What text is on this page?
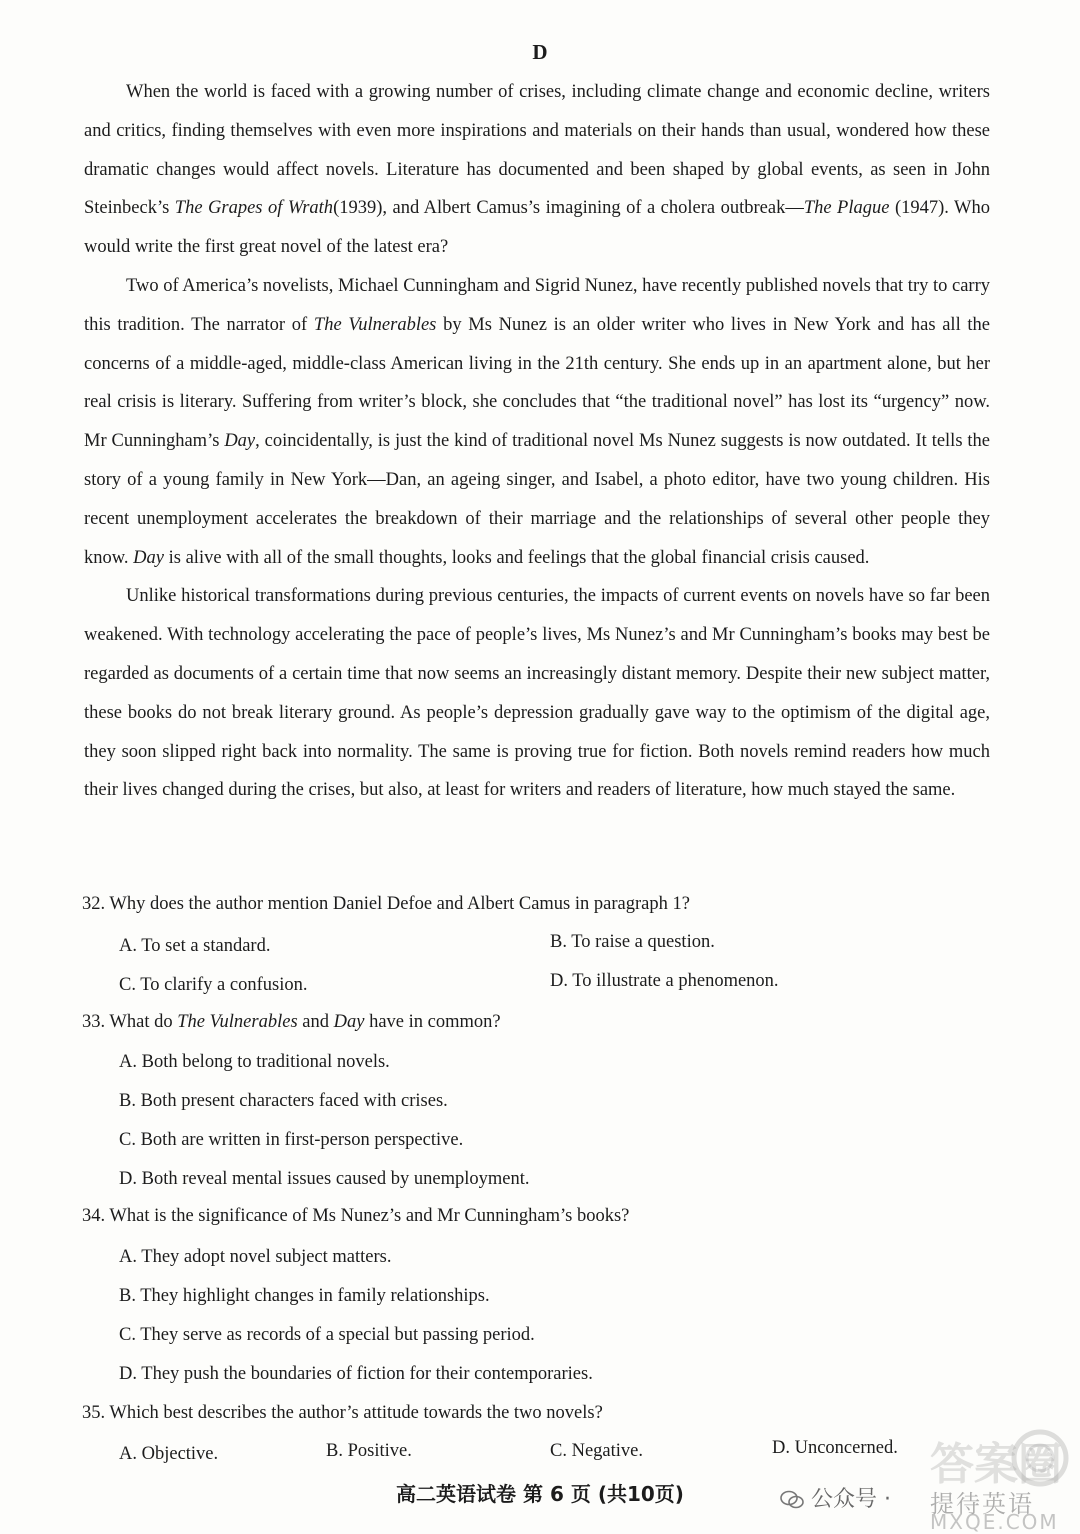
D

When the world is faced with a growing number of crises, including climate change and economic decline, writers and critics, finding themselves with even more inspirations and materials on their hands than usual, wondered how these dramatic changes would affect novels. Literature has documented and been shaped by global events, as seen in John Steinbeck’s The Grapes of Wrath(1939), and Albert Camus’s imagining of a cholera outbreak—The Plague (1947). Who would write the first great novel of the latest era?

Two of America’s novelists, Michael Cunningham and Sigrid Nunez, have recently published novels that try to carry this tradition. The narrator of The Vulnerables by Ms Nunez is an older writer who lives in New York and has all the concerns of a middle-aged, middle-class American living in the 21th century. She ends up in an apartment alone, but her real crisis is literary. Suffering from writer’s block, she concludes that “the traditional novel” has lost its “urgency” now. Mr Cunningham’s Day, coincidentally, is just the kind of traditional novel Ms Nunez suggests is now outdated. It tells the story of a young family in New York—Dan, an ageing singer, and Isabel, a photo editor, have two young children. His recent unemployment accelerates the breakdown of their marriage and the relationships of several other people they know. Day is alive with all of the small thoughts, looks and feelings that the global financial crisis caused.

Unlike historical transformations during previous centuries, the impacts of current events on novels have so far been weakened. With technology accelerating the pace of people’s lives, Ms Nunez’s and Mr Cunningham’s books may best be regarded as documents of a certain time that now seems an increasingly distant memory. Despite their new subject matter, these books do not break literary ground. As people’s depression gradually gave way to the optimism of the digital age, they soon slipped right back into normality. The same is proving true for fiction. Both novels remind readers how much their lives changed during the crises, but also, at least for writers and readers of literature, how much stayed the same.

32. Why does the author mention Daniel Defoe and Albert Camus in paragraph 1?
A. To set a standard.	B. To raise a question.
C. To clarify a confusion.	D. To illustrate a phenomenon.
33. What do The Vulnerables and Day have in common?
A. Both belong to traditional novels.
B. Both present characters faced with crises.
C. Both are written in first-person perspective.
D. Both reveal mental issues caused by unemployment.
34. What is the significance of Ms Nunez’s and Mr Cunningham’s books?
A. They adopt novel subject matters.
B. They highlight changes in family relationships.
C. They serve as records of a special but passing period.
D. They push the boundaries of fiction for their contemporaries.
35. Which best describes the author’s attitude towards the two novels?
A. Objective.	B. Positive.	C. Negative.	D. Unconcerned.
高二英语试卷 第 6 页 (共10页)
答案圈
公众号 · 提待英语
MXQE.COM
